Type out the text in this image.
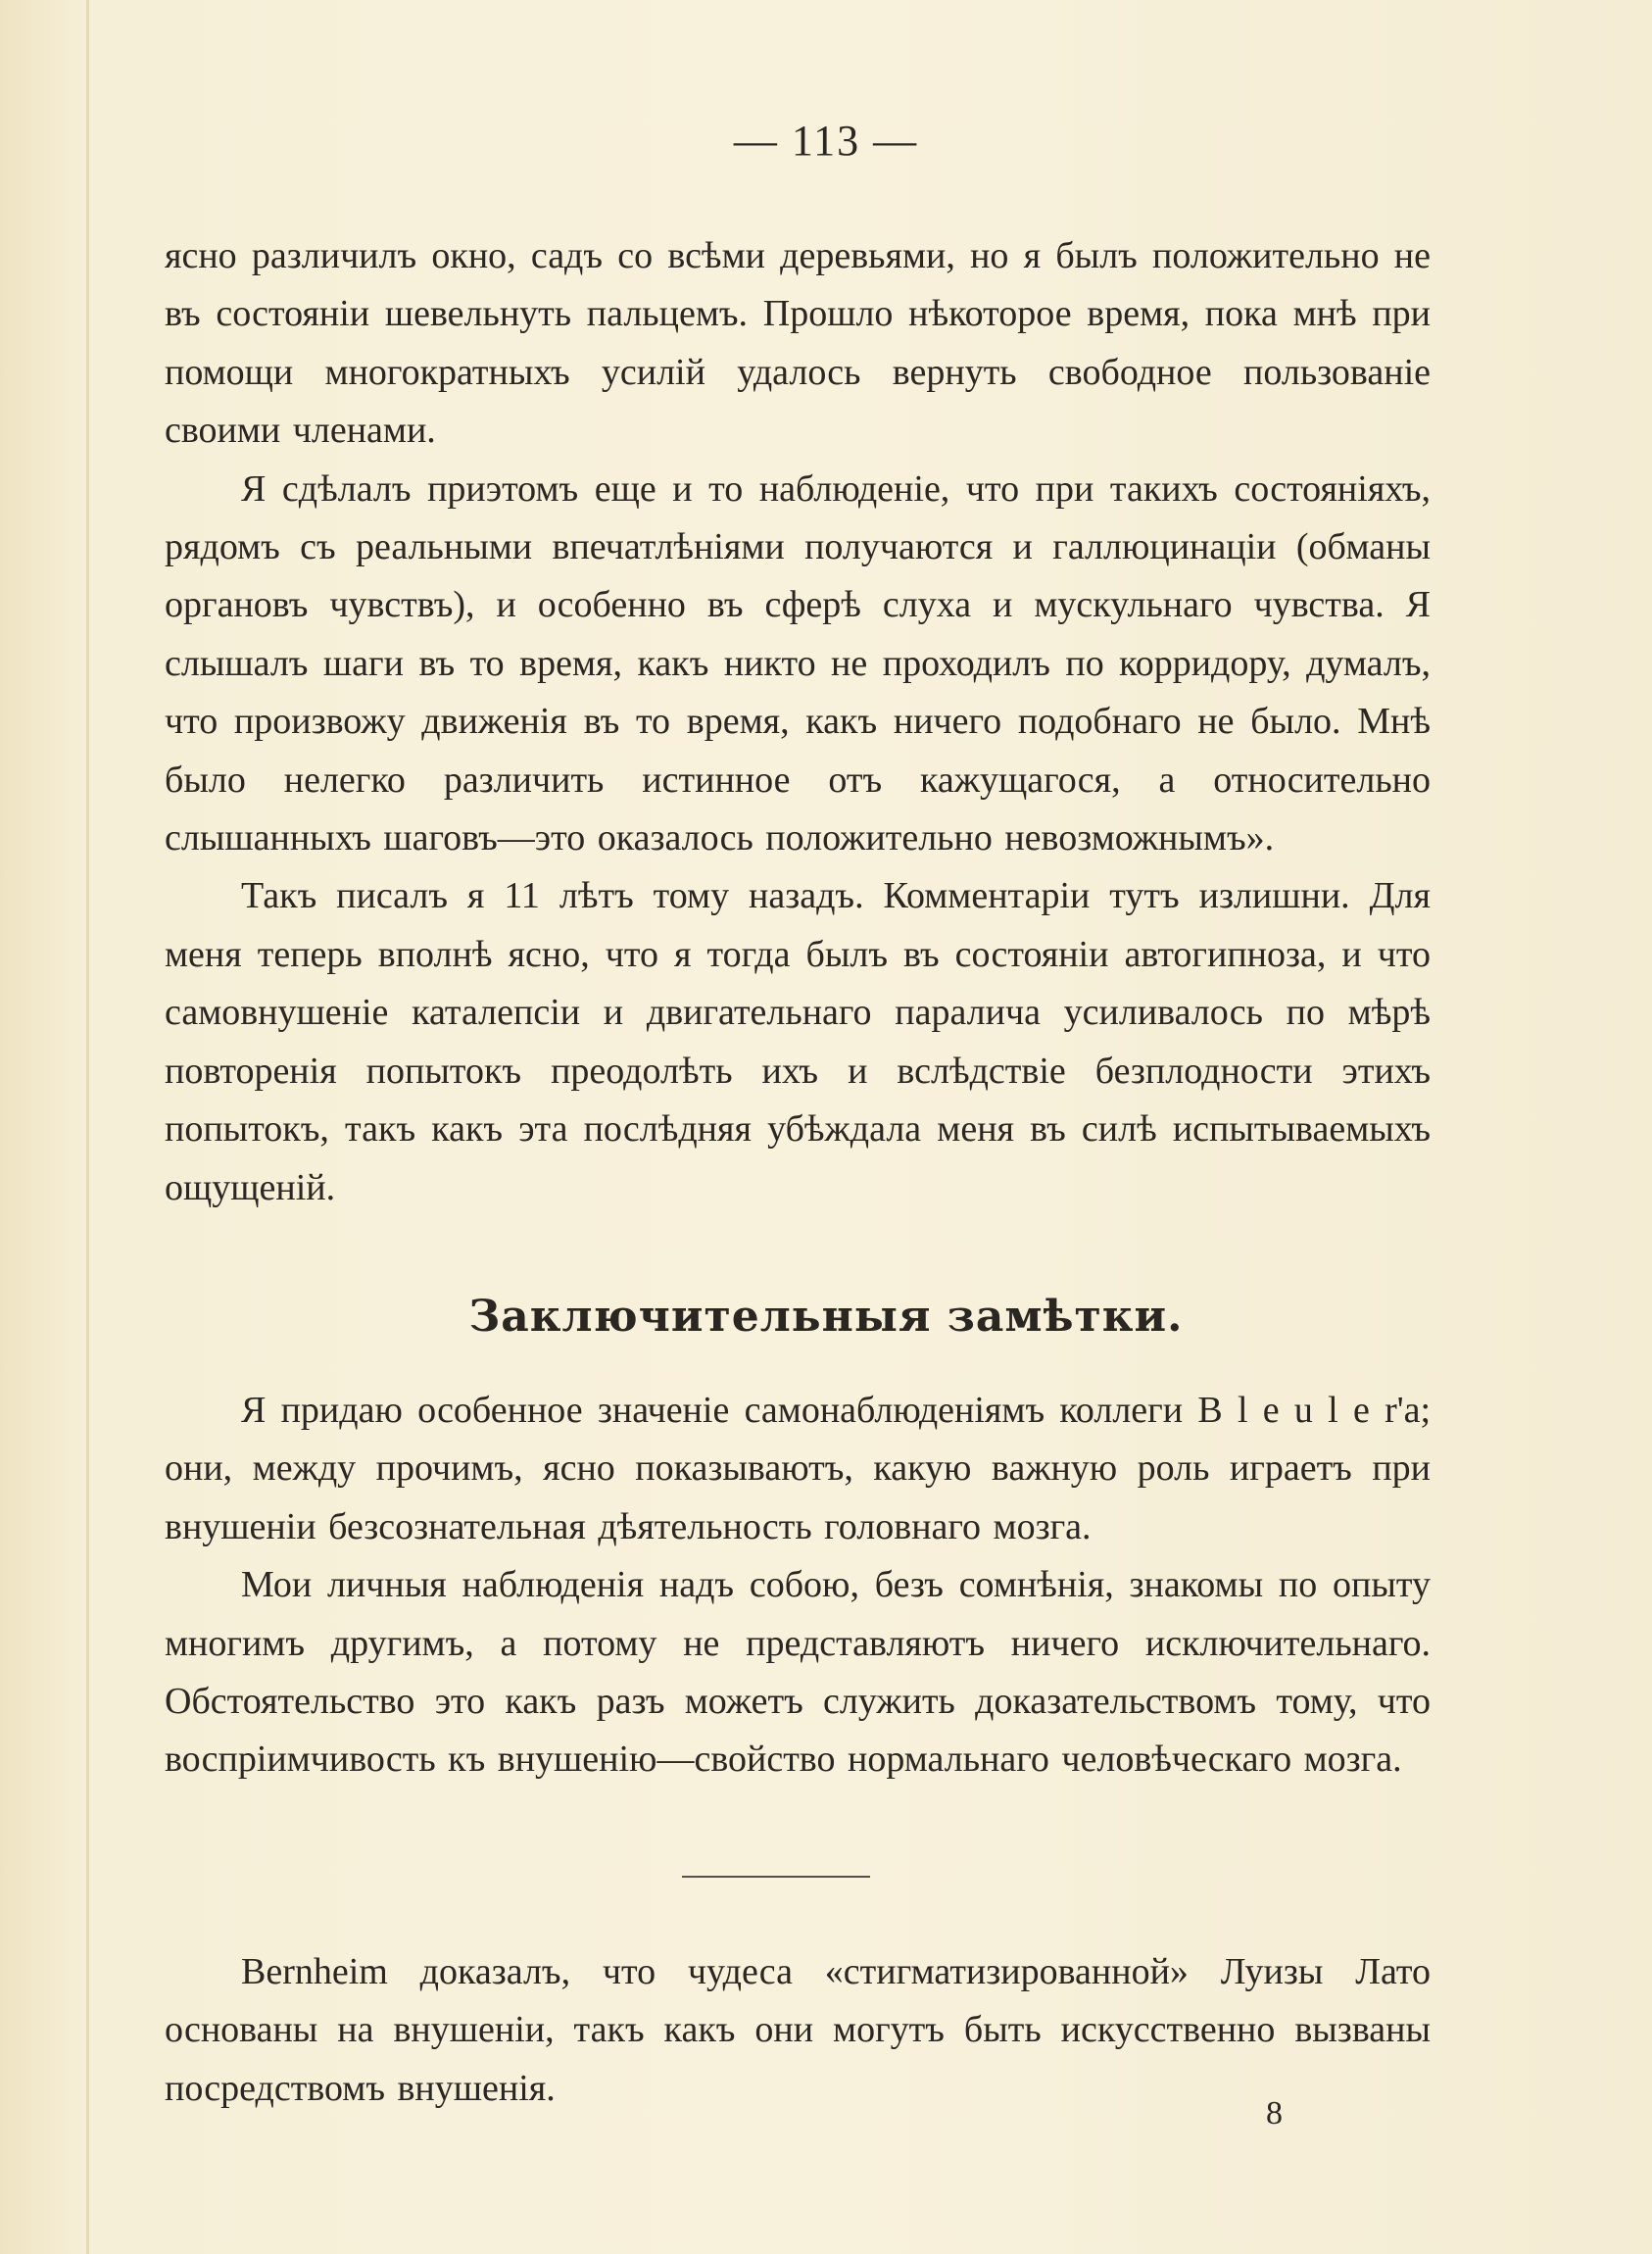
— 113 —

ясно различилъ окно, садъ со всѣми деревьями, но я былъ положительно не въ состоянiи шевельнуть пальцемъ. Прошло нѣкоторое время, пока мнѣ при помощи многократныхъ усилiй удалось вернуть свободное пользованiе своими членами.

Я сдѣлалъ приэтомъ еще и то наблюденiе, что при такихъ состоянiяхъ, рядомъ съ реальными впечатлѣнiями получаются и галлюцинацiи (обманы органовъ чувствъ), и особенно въ сферѣ слуха и мускульнаго чувства. Я слышалъ шаги въ то время, какъ никто не проходилъ по корридору, думалъ, что произвожу движенiя въ то время, какъ ничего подобнаго не было. Мнѣ было нелегко различить истинное отъ кажущагося, а относительно слышанныхъ шаговъ—это оказалось положительно невозможнымъ».

Такъ писалъ я 11 лѣтъ тому назадъ. Комментарiи тутъ излишни. Для меня теперь вполнѣ ясно, что я тогда былъ въ состоянiи автогипноза, и что самовнушенiе каталепсiи и двигательнаго паралича усиливалось по мѣрѣ повторенiя попытокъ преодолѣть ихъ и вслѣдствiе безплодности этихъ попытокъ, такъ какъ эта послѣдняя убѣждала меня въ силѣ испытываемыхъ ощущенiй.

Заключительныя замѣтки.

Я придаю особенное значенiе самонаблюденiямъ коллеги B l e u l e r'а; они, между прочимъ, ясно показываютъ, какую важную роль играетъ при внушенiи безсознательная дѣятельность головнаго мозга.

Мои личныя наблюденiя надъ собою, безъ сомнѣнiя, знакомы по опыту многимъ другимъ, а потому не представляютъ ничего исключительнаго. Обстоятельство это какъ разъ можетъ служить доказательствомъ тому, что воспрiимчивость къ внушенiю—свойство нормальнаго человѣческаго мозга.

Bernheim доказалъ, что чудеса «стигматизированной» Луизы Лато основаны на внушенiи, такъ какъ они могутъ быть искусственно вызваны посредствомъ внушенiя.

8
